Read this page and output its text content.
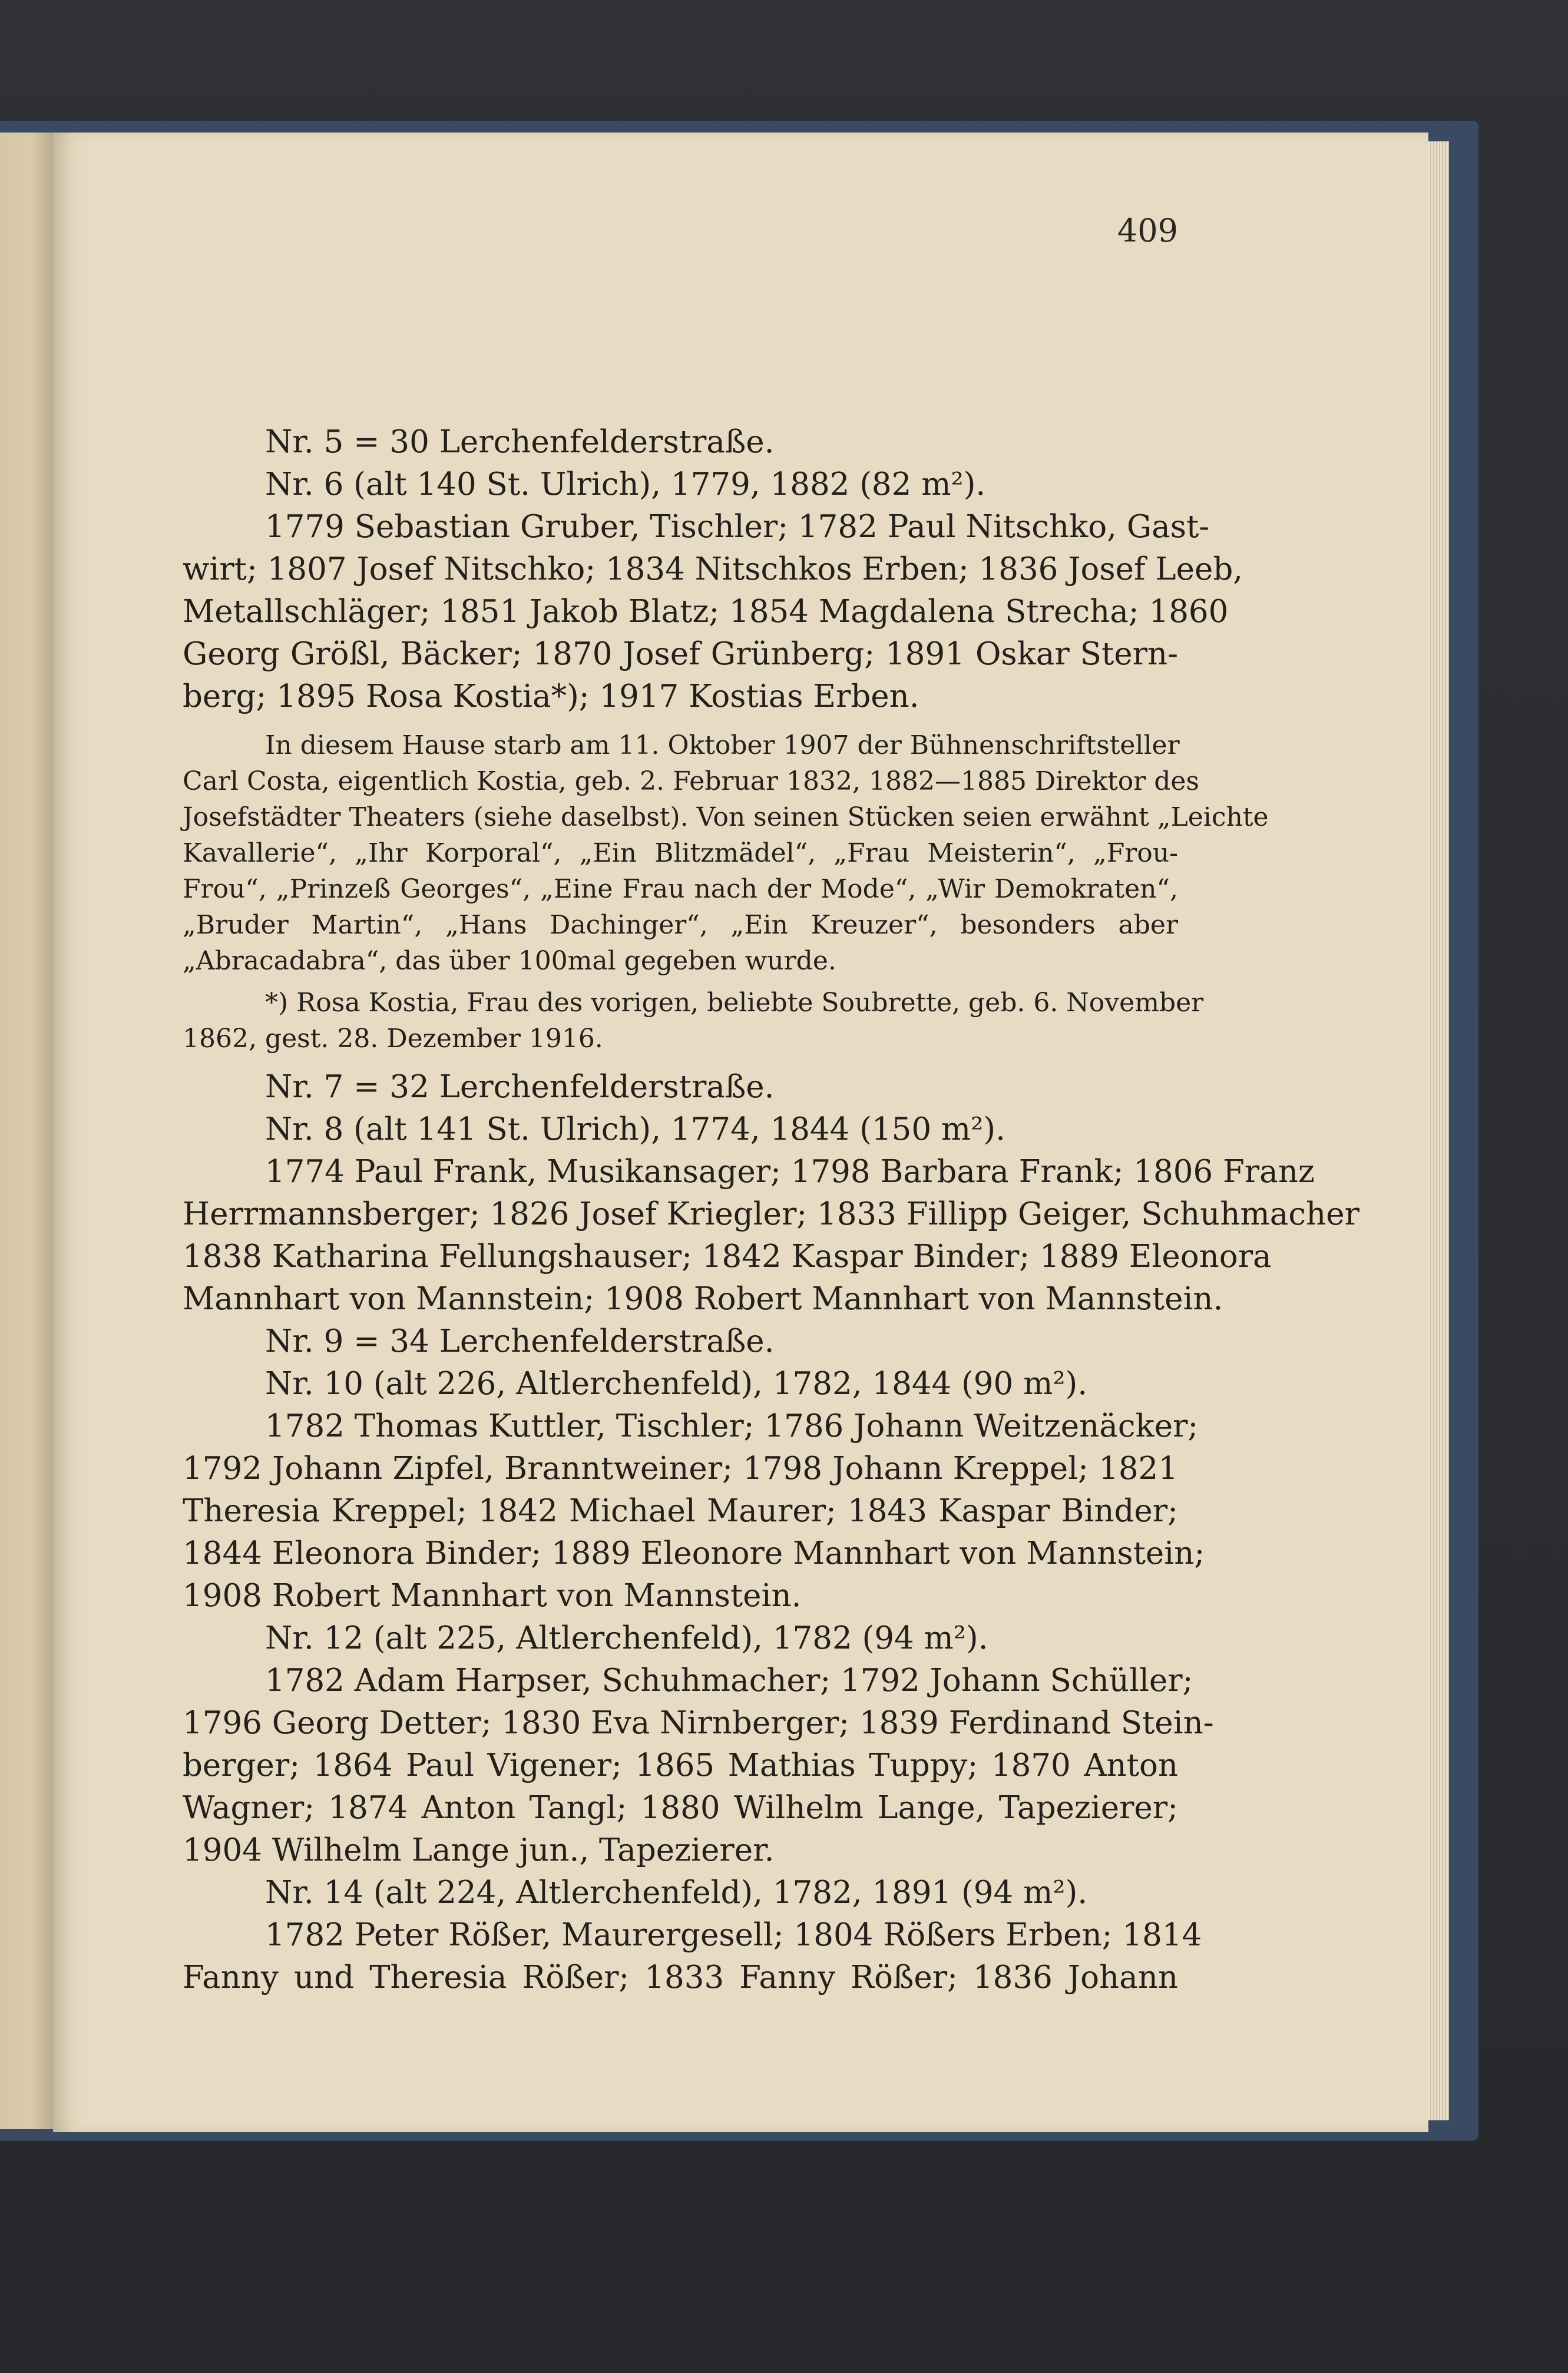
409
Nr. 5 = 30 Lerchenfelderstraße.
Nr. 6 (alt 140 St. Ulrich), 1779, 1882 (82 m²).
1779 Sebastian Gruber, Tischler; 1782 Paul Nitschko, Gast-
wirt; 1807 Josef Nitschko; 1834 Nitschkos Erben; 1836 Josef Leeb,
Metallschläger; 1851 Jakob Blatz; 1854 Magdalena Strecha; 1860
Georg Größl, Bäcker; 1870 Josef Grünberg; 1891 Oskar Stern-
berg; 1895 Rosa Kostia*); 1917 Kostias Erben.
In diesem Hause starb am 11. Oktober 1907 der Bühnenschriftsteller
Carl Costa, eigentlich Kostia, geb. 2. Februar 1832, 1882—1885 Direktor des
Josefstädter Theaters (siehe daselbst). Von seinen Stücken seien erwähnt „Leichte
Kavallerie“, „Ihr Korporal“, „Ein Blitzmädel“, „Frau Meisterin“, „Frou-
Frou“, „Prinzeß Georges“, „Eine Frau nach der Mode“, „Wir Demokraten“,
„Bruder Martin“, „Hans Dachinger“, „Ein Kreuzer“, besonders aber
„Abracadabra“, das über 100mal gegeben wurde.
*) Rosa Kostia, Frau des vorigen, beliebte Soubrette, geb. 6. November
1862, gest. 28. Dezember 1916.
Nr. 7 = 32 Lerchenfelderstraße.
Nr. 8 (alt 141 St. Ulrich), 1774, 1844 (150 m²).
1774 Paul Frank, Musikansager; 1798 Barbara Frank; 1806 Franz
Herrmannsberger; 1826 Josef Kriegler; 1833 Fillipp Geiger, Schuhmacher
1838 Katharina Fellungshauser; 1842 Kaspar Binder; 1889 Eleonora
Mannhart von Mannstein; 1908 Robert Mannhart von Mannstein.
Nr. 9 = 34 Lerchenfelderstraße.
Nr. 10 (alt 226, Altlerchenfeld), 1782, 1844 (90 m²).
1782 Thomas Kuttler, Tischler; 1786 Johann Weitzenäcker;
1792 Johann Zipfel, Branntweiner; 1798 Johann Kreppel; 1821
Theresia Kreppel; 1842 Michael Maurer; 1843 Kaspar Binder;
1844 Eleonora Binder; 1889 Eleonore Mannhart von Mannstein;
1908 Robert Mannhart von Mannstein.
Nr. 12 (alt 225, Altlerchenfeld), 1782 (94 m²).
1782 Adam Harpser, Schuhmacher; 1792 Johann Schüller;
1796 Georg Detter; 1830 Eva Nirnberger; 1839 Ferdinand Stein-
berger; 1864 Paul Vigener; 1865 Mathias Tuppy; 1870 Anton
Wagner; 1874 Anton Tangl; 1880 Wilhelm Lange, Tapezierer;
1904 Wilhelm Lange jun., Tapezierer.
Nr. 14 (alt 224, Altlerchenfeld), 1782, 1891 (94 m²).
1782 Peter Rößer, Maurergesell; 1804 Rößers Erben; 1814
Fanny und Theresia Rößer; 1833 Fanny Rößer; 1836 Johann
